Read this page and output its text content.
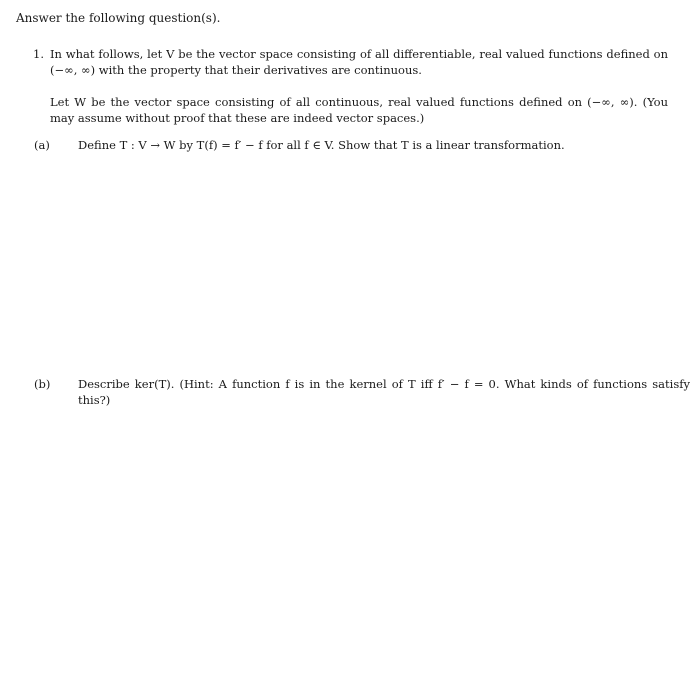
Answer the following question(s).
1. In what follows, let V be the vector space consisting of all differentiable, real valued functions defined on (−∞, ∞) with the property that their derivatives are continuous.
Let W be the vector space consisting of all continuous, real valued functions defined on (−∞, ∞). (You may assume without proof that these are indeed vector spaces.)
(a) Define T : V → W by T(f) = f′ − f for all f ∈ V. Show that T is a linear transformation.
(b) Describe ker(T). (Hint: A function f is in the kernel of T iff f′ − f = 0. What kinds of functions satisfy this?)
